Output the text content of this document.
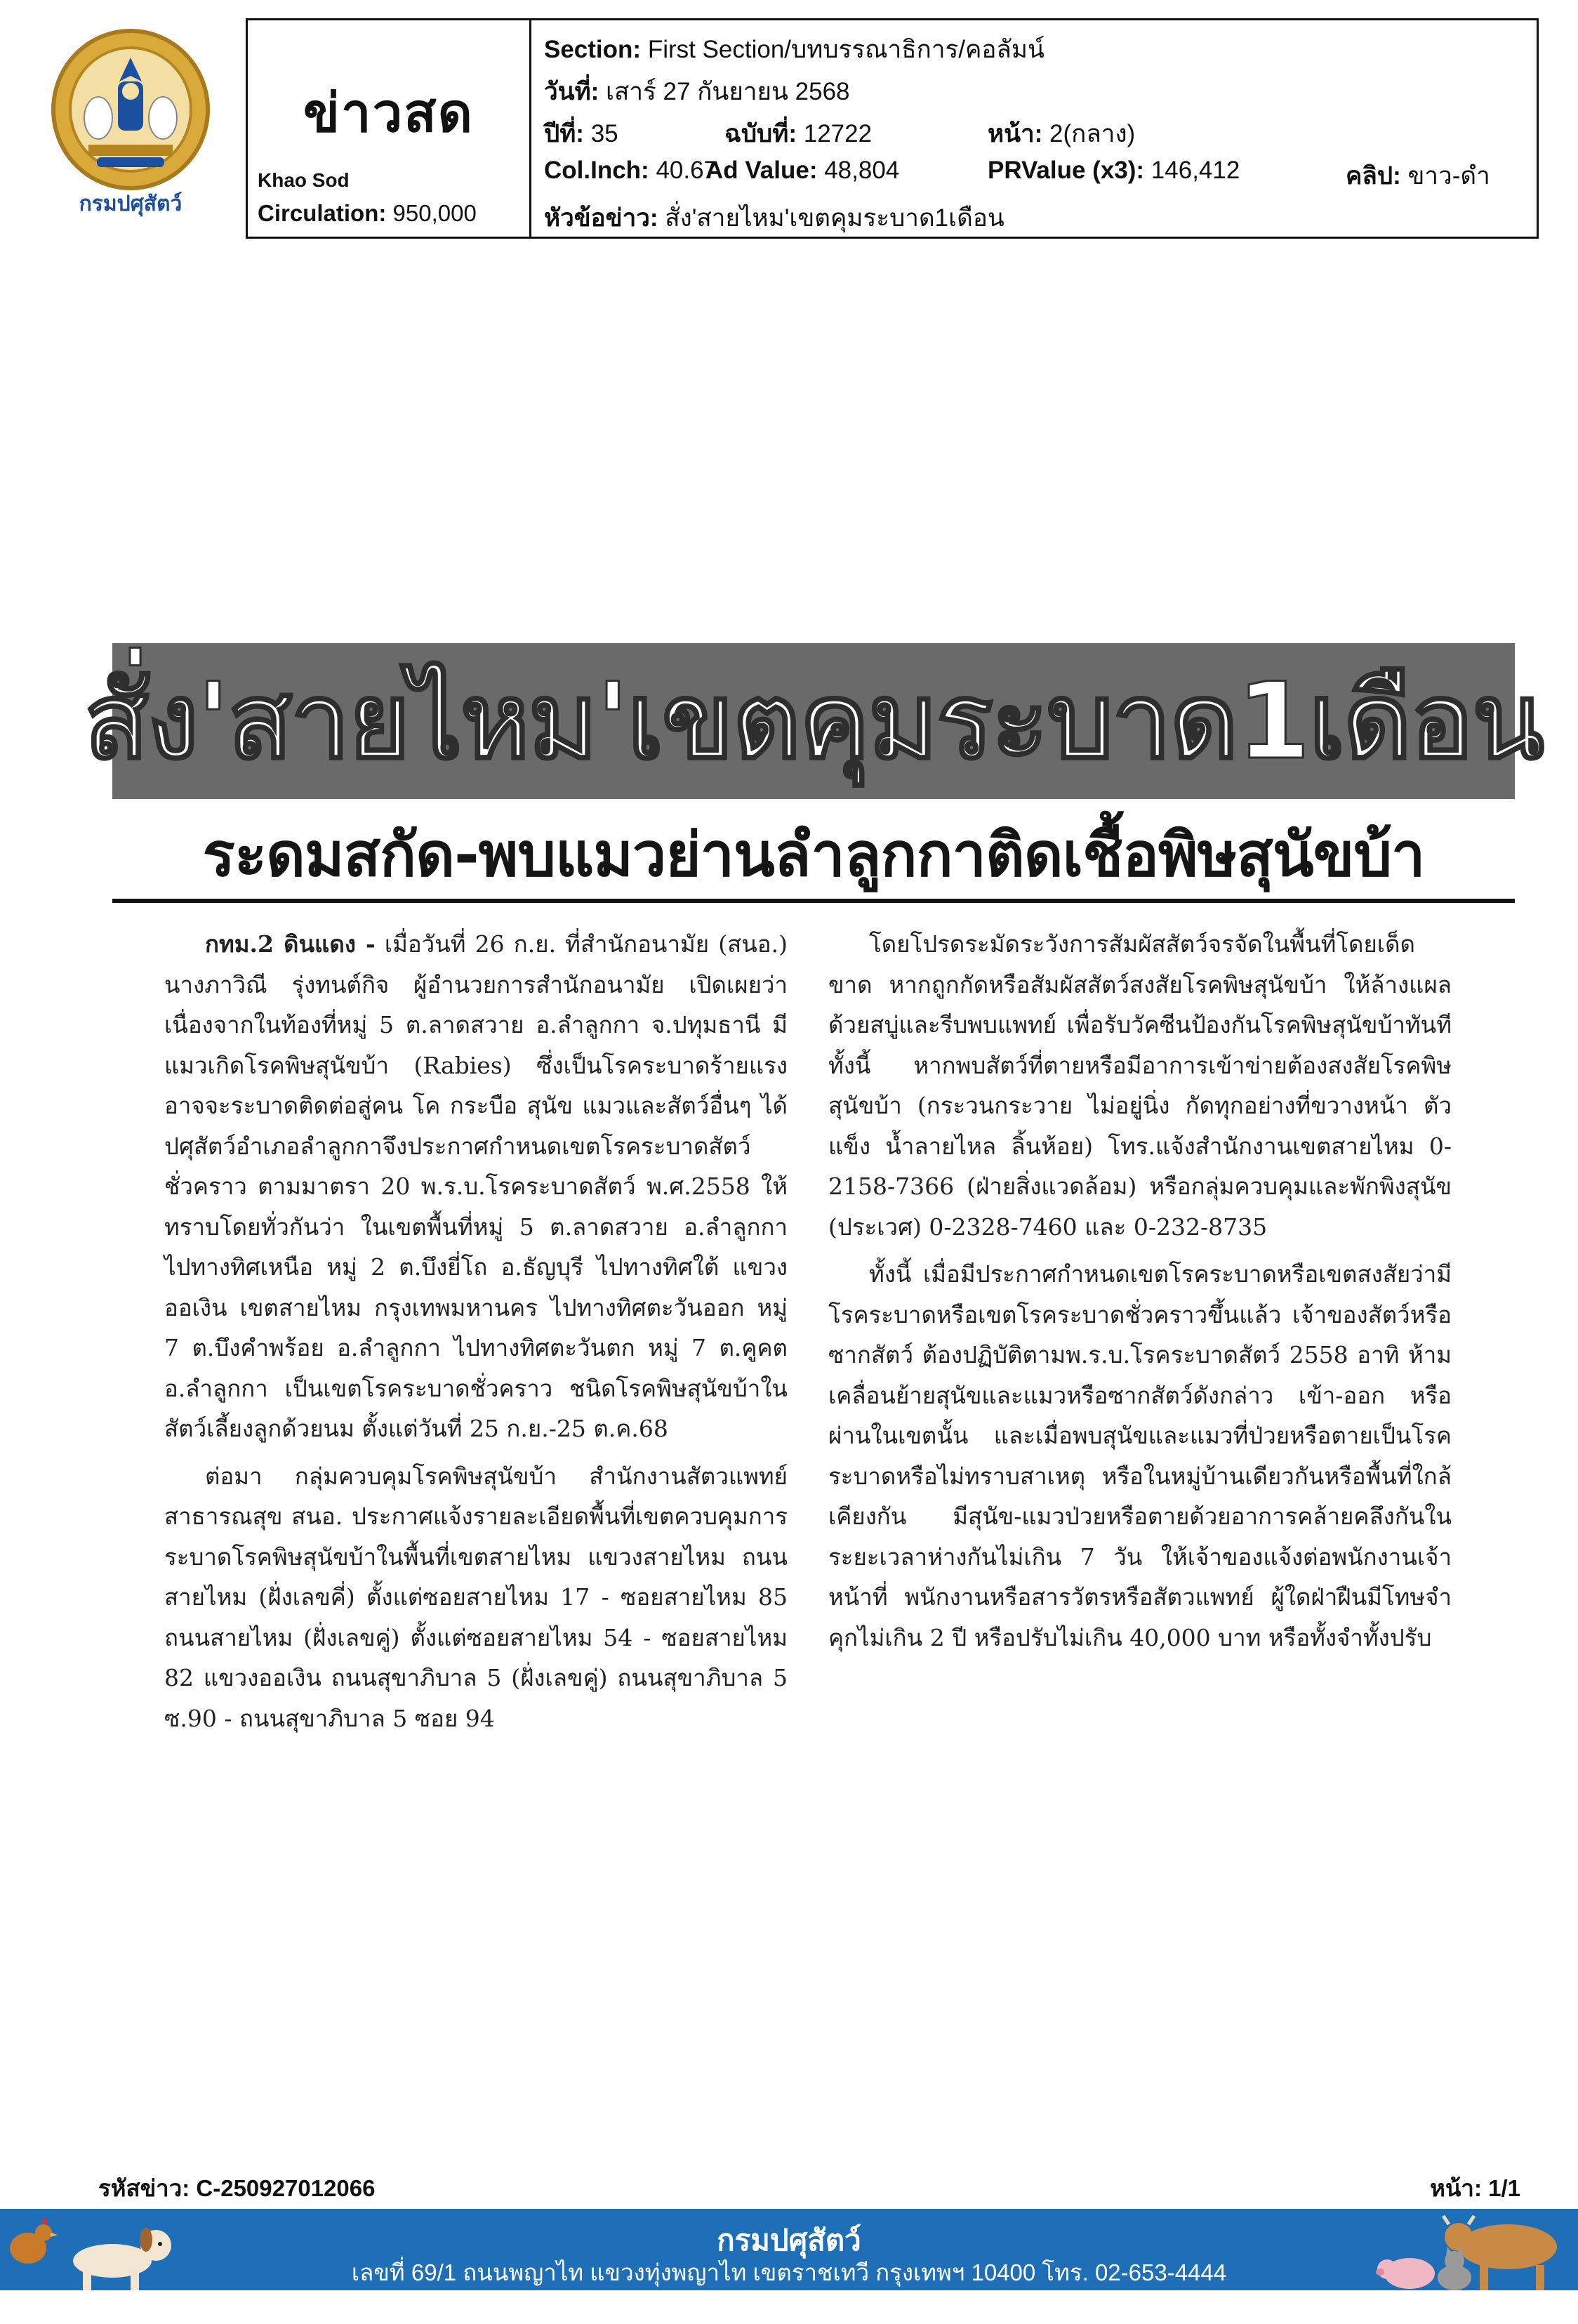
กรมปศุสัตว์
ข่าวสด
Khao Sod
Circulation: 950,000
Section: First Section/บทบรรณาธิการ/คอลัมน์
วันที่: เสาร์ 27 กันยายน 2568
ปีที่: 35	ฉบับที่: 12722	หน้า: 2(กลาง)
Col.Inch: 40.67
Ad Value: 48,804	PRValue (x3): 146,412	คลิป: ขาว-ดำ
หัวข้อข่าว: สั่ง'สายไหม'เขตคุมระบาด1เดือน
สั่ง'สายไหม'เขตคุมระบาด1เดือน
ระดมสกัด-พบแมวย่านลำลูกกาติดเชื้อพิษสุนัขบ้า

กทม.2 ดินแดง - เมื่อวันที่ 26 ก.ย. ที่สำนักอนามัย (สนอ.) นางภาวิณี รุ่งทนต์กิจ ผู้อำนวยการสำนักอนามัย เปิดเผยว่า เนื่องจากในท้องที่หมู่ 5 ต.ลาดสวาย อ.ลำลูกกา จ.ปทุมธานี มีแมวเกิดโรคพิษสุนัขบ้า (Rabies) ซึ่งเป็นโรคระบาดร้ายแรงอาจจะระบาดติดต่อสู่คน โค กระบือ สุนัข แมวและสัตว์อื่นๆ ได้ ปศุสัตว์อำเภอลำลูกกาจึงประกาศกำหนดเขตโรคระบาดสัตว์ชั่วคราว ตามมาตรา 20 พ.ร.บ.โรคระบาดสัตว์ พ.ศ.2558 ให้ทราบโดยทั่วกันว่า ในเขตพื้นที่หมู่ 5 ต.ลาดสวาย อ.ลำลูกกา ไปทางทิศเหนือ หมู่ 2 ต.บึงยี่โถ อ.ธัญบุรี ไปทางทิศใต้ แขวงออเงิน เขตสายไหม กรุงเทพมหานคร ไปทางทิศตะวันออก หมู่ 7 ต.บึงคำพร้อย อ.ลำลูกกา ไปทางทิศตะวันตก หมู่ 7 ต.คูคต อ.ลำลูกกา เป็นเขตโรคระบาดชั่วคราว ชนิดโรคพิษสุนัขบ้าในสัตว์เลี้ยงลูกด้วยนม ตั้งแต่วันที่ 25 ก.ย.-25 ต.ค.68

ต่อมา กลุ่มควบคุมโรคพิษสุนัขบ้า สำนักงานสัตวแพทย์สาธารณสุข สนอ. ประกาศแจ้งรายละเอียดพื้นที่เขตควบคุมการระบาดโรคพิษสุนัขบ้าในพื้นที่เขตสายไหม แขวงสายไหม ถนนสายไหม (ฝั่งเลขคี่) ตั้งแต่ซอยสายไหม 17 - ซอยสายไหม 85 ถนนสายไหม (ฝั่งเลขคู่) ตั้งแต่ซอยสายไหม 54 - ซอยสายไหม 82 แขวงออเงิน ถนนสุขาภิบาล 5 (ฝั่งเลขคู่) ถนนสุขาภิบาล 5 ซ.90 - ถนนสุขาภิบาล 5 ซอย 94

โดยโปรดระมัดระวังการสัมผัสสัตว์จรจัดในพื้นที่โดยเด็ดขาด หากถูกกัดหรือสัมผัสสัตว์สงสัยโรคพิษสุนัขบ้า ให้ล้างแผลด้วยสบู่และรีบพบแพทย์ เพื่อรับวัคซีนป้องกันโรคพิษสุนัขบ้าทันที ทั้งนี้ หากพบสัตว์ที่ตายหรือมีอาการเข้าข่ายต้องสงสัยโรคพิษสุนัขบ้า (กระวนกระวาย ไม่อยู่นิ่ง กัดทุกอย่างที่ขวางหน้า ตัวแข็ง น้ำลายไหล ลิ้นห้อย) โทร.แจ้งสำนักงานเขตสายไหม 0-2158-7366 (ฝ่ายสิ่งแวดล้อม) หรือกลุ่มควบคุมและพักพิงสุนัข (ประเวศ) 0-2328-7460 และ 0-232-8735

ทั้งนี้ เมื่อมีประกาศกำหนดเขตโรคระบาดหรือเขตสงสัยว่ามีโรคระบาดหรือเขตโรคระบาดชั่วคราวขึ้นแล้ว เจ้าของสัตว์หรือซากสัตว์ ต้องปฏิบัติตามพ.ร.บ.โรคระบาดสัตว์ 2558 อาทิ ห้ามเคลื่อนย้ายสุนัขและแมวหรือซากสัตว์ดังกล่าว เข้า-ออก หรือผ่านในเขตนั้น และเมื่อพบสุนัขและแมวที่ป่วยหรือตายเป็นโรคระบาดหรือไม่ทราบสาเหตุ หรือในหมู่บ้านเดียวกันหรือพื้นที่ใกล้เคียงกัน มีสุนัข-แมวป่วยหรือตายด้วยอาการคล้ายคลึงกันในระยะเวลาห่างกันไม่เกิน 7 วัน ให้เจ้าของแจ้งต่อพนักงานเจ้าหน้าที่ พนักงานหรือสารวัตรหรือสัตวแพทย์ ผู้ใดฝ่าฝืนมีโทษจำคุกไม่เกิน 2 ปี หรือปรับไม่เกิน 40,000 บาท หรือทั้งจำทั้งปรับ

รหัสข่าว: C-250927012066	หน้า: 1/1
กรมปศุสัตว์
เลขที่ 69/1 ถนนพญาไท แขวงทุ่งพญาไท เขตราชเทวี กรุงเทพฯ 10400 โทร. 02-653-4444
